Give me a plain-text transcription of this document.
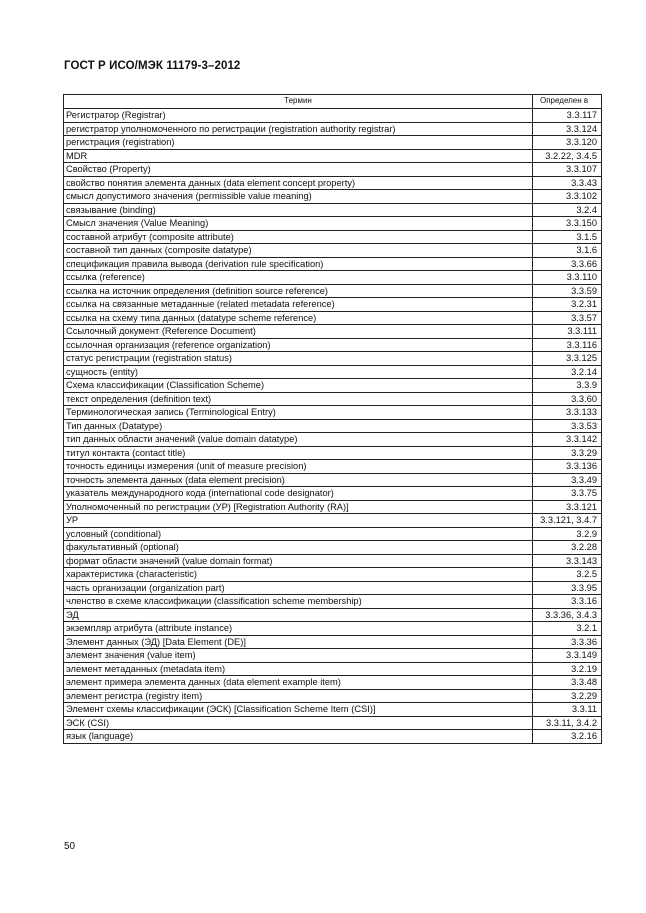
ГОСТ Р ИСО/МЭК 11179-3–2012
Термин	Определен в
Регистратор (Registrar)	3.3.117
регистратор уполномоченного по регистрации (registration authority registrar)	3.3.124
регистрация (registration)	3.3.120
MDR	3.2.22, 3.4.5
Свойство (Property)	3.3.107
свойство понятия элемента данных (data element concept property)	3.3.43
смысл допустимого значения (permissible value meaning)	3.3.102
связывание (binding)	3.2.4
Смысл значения (Value Meaning)	3.3.150
составной атрибут (composite attribute)	3.1.5
составной тип данных (composite datatype)	3.1.6
спецификация правила вывода (derivation rule specification)	3.3.66
ссылка (reference)	3.3.110
ссылка на источник определения (definition source reference)	3.3.59
ссылка на связанные метаданные (related metadata reference)	3.2.31
ссылка на схему типа данных (datatype scheme reference)	3.3.57
Ссылочный документ (Reference Document)	3.3.111
ссылочная организация (reference organization)	3.3.116
статус регистрации (registration status)	3.3.125
сущность (entity)	3.2.14
Схема классификации (Classification Scheme)	3.3.9
текст определения (definition text)	3.3.60
Терминологическая запись (Terminological Entry)	3.3.133
Тип данных (Datatype)	3.3.53
тип данных области значений (value domain datatype)	3.3.142
титул контакта (contact title)	3.3.29
точность единицы измерения (unit of measure precision)	3.3.136
точность элемента данных (data element precision)	3.3.49
указатель международного кода (international code designator)	3.3.75
Уполномоченный по регистрации (УР) [Registration Authority (RA)]	3.3.121
УР	3.3.121, 3.4.7
условный (conditional)	3.2.9
факультативный (optional)	3.2.28
формат области значений (value domain format)	3.3.143
характеристика (characteristic)	3.2.5
часть организации (organization part)	3.3.95
членство в схеме классификации (classification scheme membership)	3.3.16
ЭД	3.3.36, 3.4.3
экземпляр атрибута (attribute instance)	3.2.1
Элемент данных (ЭД) [Data Element (DE)]	3.3.36
элемент значения (value item)	3.3.149
элемент метаданных (metadata item)	3.2.19
элемент примера элемента данных (data element example item)	3.3.48
элемент регистра (registry item)	3.2.29
Элемент схемы классификации (ЭСК) [Classification Scheme Item (CSI)]	3.3.11
ЭСК (CSI)	3.3.11, 3.4.2
язык (language)	3.2.16
50
